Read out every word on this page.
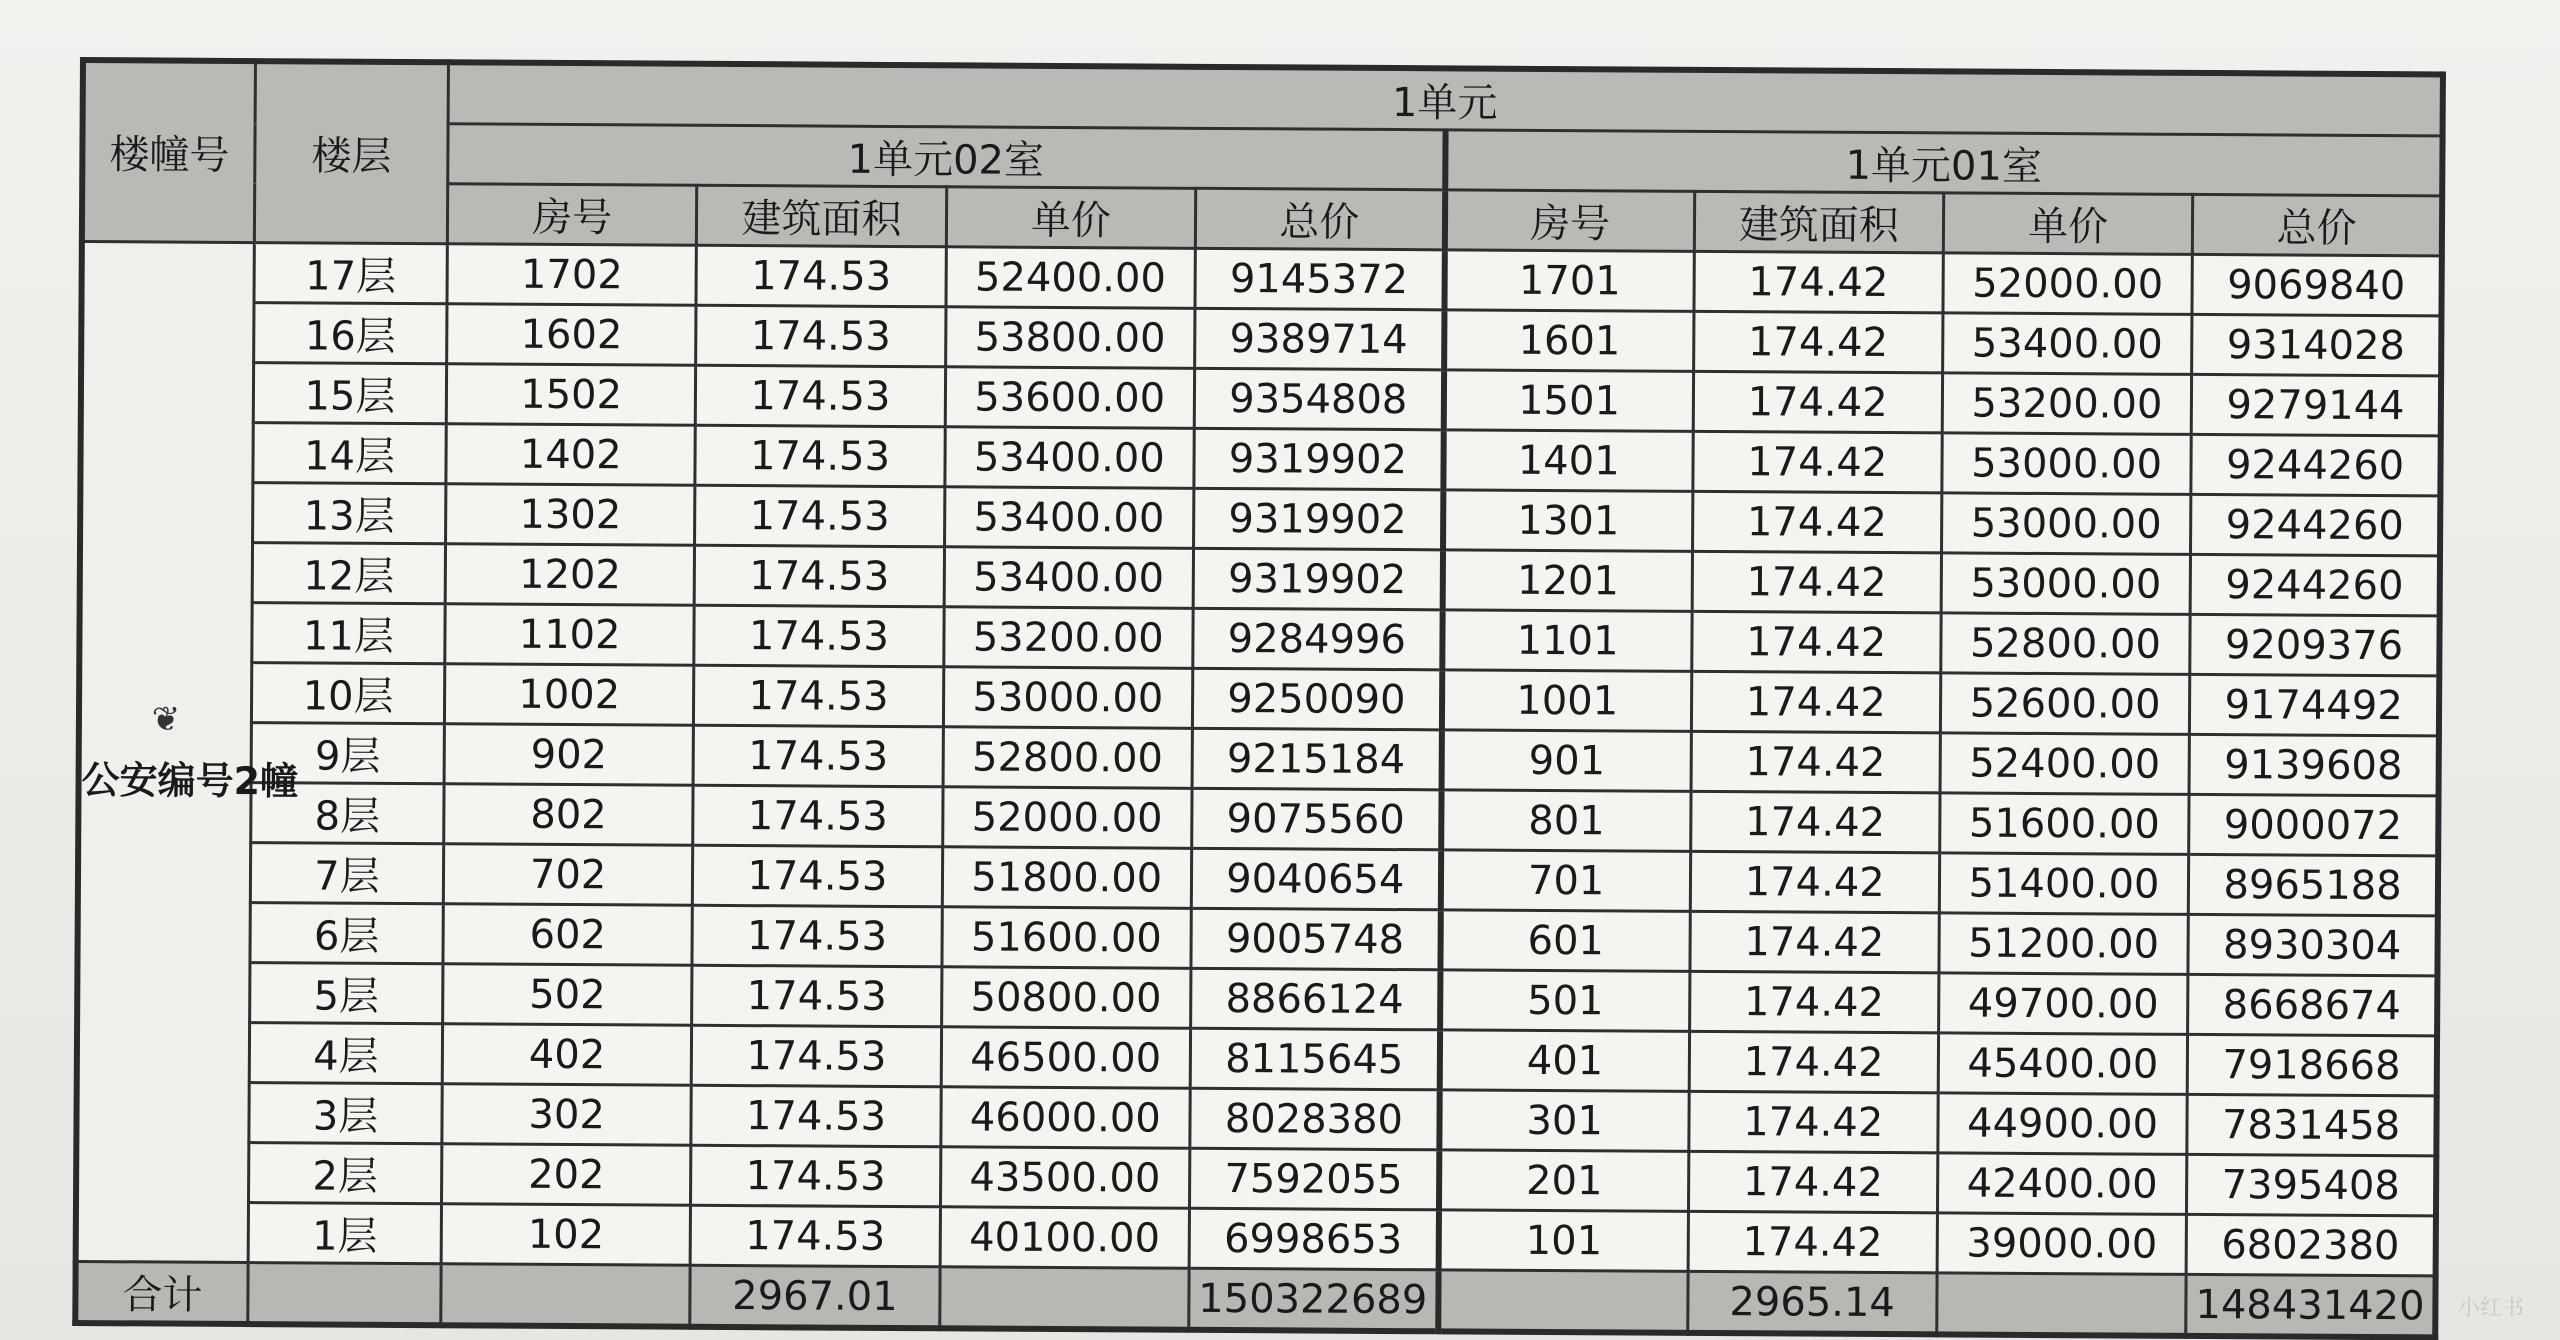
楼幢号	楼层	1单元							
		1单元02室				1单元01室			
		房号	建筑面积	单价	总价	房号	建筑面积	单价	总价

❦
公安编号2幢	17层	1702	174.53	52400.00	9145372	1701	174.42	52000.00	9069840
	16层	1602	174.53	53800.00	9389714	1601	174.42	53400.00	9314028
	15层	1502	174.53	53600.00	9354808	1501	174.42	53200.00	9279144
	14层	1402	174.53	53400.00	9319902	1401	174.42	53000.00	9244260
	13层	1302	174.53	53400.00	9319902	1301	174.42	53000.00	9244260
	12层	1202	174.53	53400.00	9319902	1201	174.42	53000.00	9244260
	11层	1102	174.53	53200.00	9284996	1101	174.42	52800.00	9209376
	10层	1002	174.53	53000.00	9250090	1001	174.42	52600.00	9174492
	9层	902	174.53	52800.00	9215184	901	174.42	52400.00	9139608
	8层	802	174.53	52000.00	9075560	801	174.42	51600.00	9000072
	7层	702	174.53	51800.00	9040654	701	174.42	51400.00	8965188
	6层	602	174.53	51600.00	9005748	601	174.42	51200.00	8930304
	5层	502	174.53	50800.00	8866124	501	174.42	49700.00	8668674
	4层	402	174.53	46500.00	8115645	401	174.42	45400.00	7918668
	3层	302	174.53	46000.00	8028380	301	174.42	44900.00	7831458
	2层	202	174.53	43500.00	7592055	201	174.42	42400.00	7395408
	1层	102	174.53	40100.00	6998653	101	174.42	39000.00	6802380
合计			2967.01		150322689		2965.14		148431420 小红书
